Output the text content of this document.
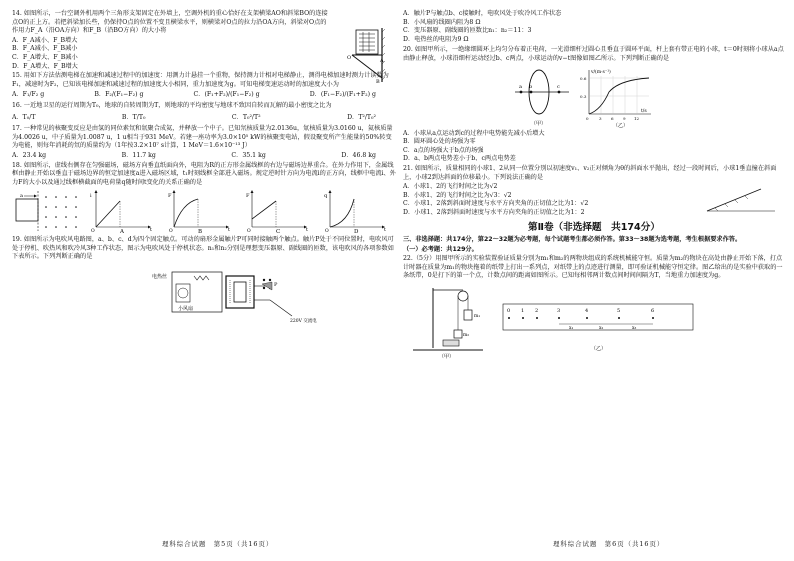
14. 如图所示，一台空调外机用两个三角形支架固定在外墙上，空调外机的重心恰好在支架横梁AO和斜梁BO的连接点O的正上方。若把斜梁加长些，仍保持O点的位置不变且横梁水平，则横梁对O点的拉力沿OA方向，斜梁对O点的作用力F_A（沿OA方向）和F_B（沿BO方向）的大小将
A．F_A减小、F_B增大
B．F_A减小、F_B减小
C．F_A增大、F_B减小
D．F_A增大、F_B增大
A
O
B
15. 用如下方法估测电梯在加速和减速过程中的加速度：用测力计悬挂一个重物，保持测力计相对电梯静止，测得电梯加速时测力计读数为F₁，减速时为F₂，已知该电梯加速和减速过程的加速度大小相同，重力加速度为g。可知电梯变速运动时的加速度大小为
A．F₁/F₂ g	B．F₂/(F₁−F₂) g	C．(F₁+F₂)/(F₁−F₂) g	D．(F₁−F₂)/(F₁+F₂) g
16. 一近地卫星的运行周期为T₀，地球的自转周期为T，则地球的平均密度与地球不致因自转而瓦解的最小密度之比为
A．T₀/T	B．T/T₀	C．T₀²/T²	D．T²/T₀²
17. 一种常见的核聚变反应是由氢的同位素氘和氚聚合成氦，并释放一个中子。已知氘核质量为2.0136u，氚核质量为3.0160 u，氦核质量为4.0026 u，中子质量为1.0087 u，1 u相当于931 MeV。若建一座功率为3.0×10⁵ kW的核聚变电站，假设聚变所产生能量的50%转变为电能，则每年消耗的氘的质量约为（1年按3.2×10⁷ s计算，1 MeV＝1.6×10⁻¹³ J）
A．23.4 kg	B．11.7 kg	C．35.1 kg	D．46.8 kg
18. 如图所示，虚线右侧存在匀强磁场，磁场方向垂直纸面向外，电阻为R的正方形金属线框的右边与磁场边界重合。在外力作用下，金属线框由静止开始以垂直于磁场边界的恒定加速度a进入磁场区域，t₁时刻线框全部进入磁场。规定逆时针方向为电流i的正方向，线框中电流i、外力F的大小以及通过线框横截面的电荷量q随时间t变化的关系正确的是
a	i
t
O	A
F
t
O	B
F
t
O	C
q
t
O	D
19. 如图所示为电吹风电路图，a、b、c、d为四个固定触点。可动的扇形金属触片P可同时接触两个触点。触片P处于不同位置时，电吹风可处于停机、吹热风和吹冷风3种工作状态，图示为电吹风处于停机状态。n₁和n₂分别是理想变压器原、副线圈的匝数，该电吹风的各项参数如下表所示。下列判断正确的是
电热丝
小风扇
P
220V 交流电
理科综合试题　第5页（共16页）
A．触片P与触点b、c接触时，电吹风处于吹冷风工作状态
B．小风扇的线圈内阻为8 Ω
C．变压器原、副线圈的匝数比n₁：n₂＝11：3
D．电热丝的电阻为9 Ω
20. 如图甲所示，一绝缘细圆环上均匀分布着正电荷，一光滑细杆过圆心且垂直于圆环平面，杆上套有带正电的小球，t＝0时刻将小球从a点由静止释放，小球沿细杆运动经过b、c两点，小球运动的v−t图像如图乙所示。下列判断正确的是
a b	c
（甲）
v/(m·s⁻¹)
t/s
0	3 6 9 12
0.6
0.3
（乙）
A．小球从a点运动到c的过程中电势能先减小后增大
B．圆环圆心处的场强为零
C．a点的场强大于b点的场强
D．a、b两点电势差小于b、c两点电势差
21. 如图所示，质量相同的小球1、2从同一位置分别以初速度v₁、v₂正对倾角为θ的斜面水平抛出，经过一段时间后，小球1垂直撞在斜面上，小球2到达斜面的位移最小。下列说法正确的是
A．小球1、2的飞行时间之比为√2
B．小球1、2的飞行时间之比为√3：√2
C．小球1、2落到斜面时速度与水平方向夹角的正切值之比为1：√2
D．小球1、2落到斜面时速度与水平方向夹角的正切值之比为1：2
第Ⅱ卷（非选择题　共174分）
三、非选择题：共174分，第22～32题为必考题，每个试题考生都必须作答。第33～38题为选考题，考生根据要求作答。
（一）必考题：共129分。
22.（5分）用图甲所示的实验装置验证质量分别为m₁和m₂的两物块组成的系统机械能守恒。质量为m₂的物块在高处由静止开始下落，打点计时器在质量为m₁的物块拖着的纸带上打出一系列点，对纸带上的点迹进行测量，即可验证机械能守恒定律。图乙给出的是实验中获取的一条纸带，0是打下的第一个点，计数点间的距离如图所示。已知每相邻两计数点间时间间隔为T，当地重力加速度为g。
m₁
m₂
（甲）
0 1 2	3	4	5	6
x₁	x₂	x₃
（乙）
理科综合试题　第6页（共16页）
